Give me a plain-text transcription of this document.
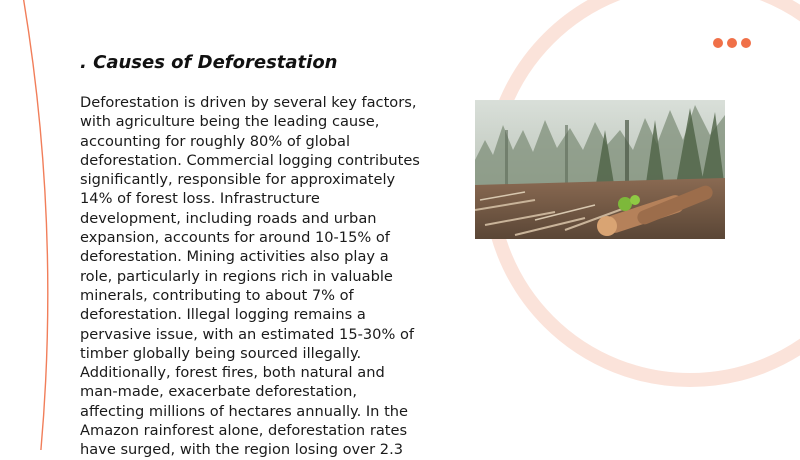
. Causes of Deforestation

Deforestation is driven by several key factors, with agriculture being the leading cause, accounting for roughly 80% of global deforestation. Commercial logging contributes significantly, responsible for approximately 14% of forest loss. Infrastructure development, including roads and urban expansion, accounts for around 10-15% of deforestation. Mining activities also play a role, particularly in regions rich in valuable minerals, contributing to about 7% of deforestation. Illegal logging remains a pervasive issue, with an estimated 15-30% of timber globally being sourced illegally. Additionally, forest fires, both natural and man-made, exacerbate deforestation, affecting millions of hectares annually. In the Amazon rainforest alone, deforestation rates have surged, with the region losing over 2.3
